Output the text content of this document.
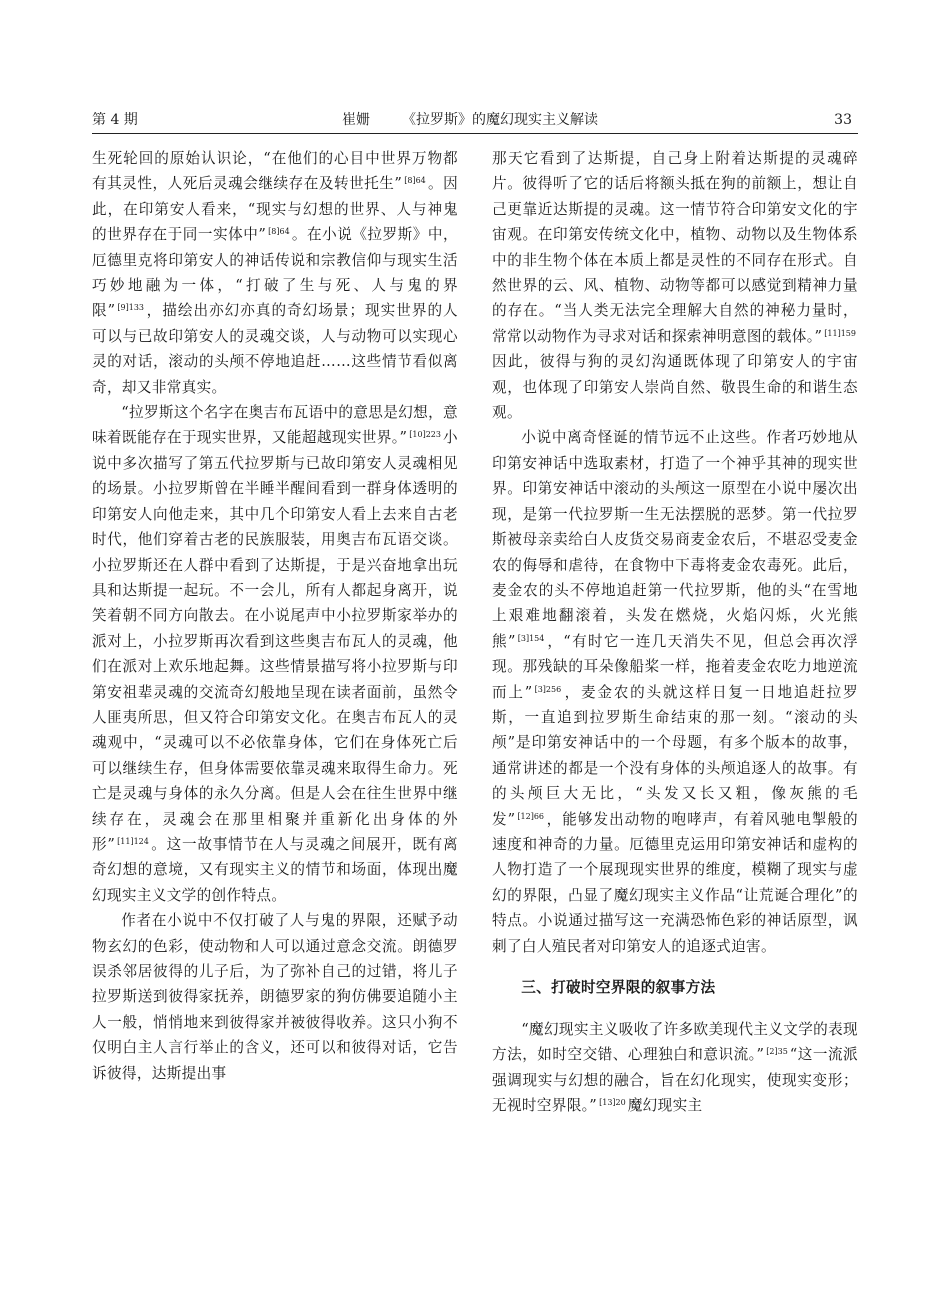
第 4 期	崔姗 《拉罗斯》的魔幻现实主义解读	33

生死轮回的原始认识论，“在他们的心目中世界万物都有其灵性，人死后灵魂会继续存在及转世托生” $^{[8]64}$ 。因此，在印第安人看来，“现实与幻想的世界、人与神鬼的世界存在于同一实体中” $^{[8]64}$ 。在小说《拉罗斯》中，厄德里克将印第安人的神话传说和宗教信仰与现实生活巧妙地融为一体，“打破了生与死、人与鬼的界限” $^{[9]133}$ ，描绘出亦幻亦真的奇幻场景；现实世界的人可以与已故印第安人的灵魂交谈，人与动物可以实现心灵的对话，滚动的头颅不停地追赶……这些情节看似离奇，却又非常真实。

“拉罗斯这个名字在奥吉布瓦语中的意思是幻想，意味着既能存在于现实世界，又能超越现实世界。” $^{[10]223}$ 小说中多次描写了第五代拉罗斯与已故印第安人灵魂相见的场景。小拉罗斯曾在半睡半醒间看到一群身体透明的印第安人向他走来，其中几个印第安人看上去来自古老时代，他们穿着古老的民族服装，用奥吉布瓦语交谈。小拉罗斯还在人群中看到了达斯提，于是兴奋地拿出玩具和达斯提一起玩。不一会儿，所有人都起身离开，说笑着朝不同方向散去。在小说尾声中小拉罗斯家举办的派对上，小拉罗斯再次看到这些奥吉布瓦人的灵魂，他们在派对上欢乐地起舞。这些情景描写将小拉罗斯与印第安祖辈灵魂的交流奇幻般地呈现在读者面前，虽然令人匪夷所思，但又符合印第安文化。在奥吉布瓦人的灵魂观中，“灵魂可以不必依靠身体，它们在身体死亡后可以继续生存，但身体需要依靠灵魂来取得生命力。死亡是灵魂与身体的永久分离。但是人会在往生世界中继续存在，灵魂会在那里相聚并重新化出身体的外形” $^{[11]124}$ 。这一故事情节在人与灵魂之间展开，既有离奇幻想的意境，又有现实主义的情节和场面，体现出魔幻现实主义文学的创作特点。

作者在小说中不仅打破了人与鬼的界限，还赋予动物玄幻的色彩，使动物和人可以通过意念交流。朗德罗误杀邻居彼得的儿子后，为了弥补自己的过错，将儿子拉罗斯送到彼得家抚养，朗德罗家的狗仿佛要追随小主人一般，悄悄地来到彼得家并被彼得收养。这只小狗不仅明白主人言行举止的含义，还可以和彼得对话，它告诉彼得，达斯提出事

那天它看到了达斯提，自己身上附着达斯提的灵魂碎片。彼得听了它的话后将额头抵在狗的前额上，想让自己更靠近达斯提的灵魂。这一情节符合印第安文化的宇宙观。在印第安传统文化中，植物、动物以及生物体系中的非生物个体在本质上都是灵性的不同存在形式。自然世界的云、风、植物、动物等都可以感觉到精神力量的存在。“当人类无法完全理解大自然的神秘力量时，常常以动物作为寻求对话和探索神明意图的载体。” $^{[11]159}$因此，彼得与狗的灵幻沟通既体现了印第安人的宇宙观，也体现了印第安人崇尚自然、敬畏生命的和谐生态观。

小说中离奇怪诞的情节远不止这些。作者巧妙地从印第安神话中选取素材，打造了一个神乎其神的现实世界。印第安神话中滚动的头颅这一原型在小说中屡次出现，是第一代拉罗斯一生无法摆脱的恶梦。第一代拉罗斯被母亲卖给白人皮货交易商麦金农后，不堪忍受麦金农的侮辱和虐待，在食物中下毒将麦金农毒死。此后，麦金农的头不停地追赶第一代拉罗斯，他的头“在雪地上艰难地翻滚着，头发在燃烧，火焰闪烁，火光熊熊” $^{[3]154}$ ，“有时它一连几天消失不见，但总会再次浮现。那残缺的耳朵像船桨一样，拖着麦金农吃力地逆流而上” $^{[3]256}$ ，麦金农的头就这样日复一日地追赶拉罗斯，一直追到拉罗斯生命结束的那一刻。“滚动的头颅”是印第安神话中的一个母题，有多个版本的故事，通常讲述的都是一个没有身体的头颅追逐人的故事。有的头颅巨大无比，“头发又长又粗，像灰熊的毛发” $^{[12]66}$ ，能够发出动物的咆哮声，有着风驰电掣般的速度和神奇的力量。厄德里克运用印第安神话和虚构的人物打造了一个展现现实世界的维度，模糊了现实与虚幻的界限，凸显了魔幻现实主义作品“让荒诞合理化”的特点。小说通过描写这一充满恐怖色彩的神话原型，讽刺了白人殖民者对印第安人的追逐式迫害。

三、打破时空界限的叙事方法

“魔幻现实主义吸收了许多欧美现代主义文学的表现方法，如时空交错、心理独白和意识流。” $^{[2]35}$ “这一流派强调现实与幻想的融合，旨在幻化现实，使现实变形；无视时空界限。” $^{[13]20}$ 魔幻现实主
